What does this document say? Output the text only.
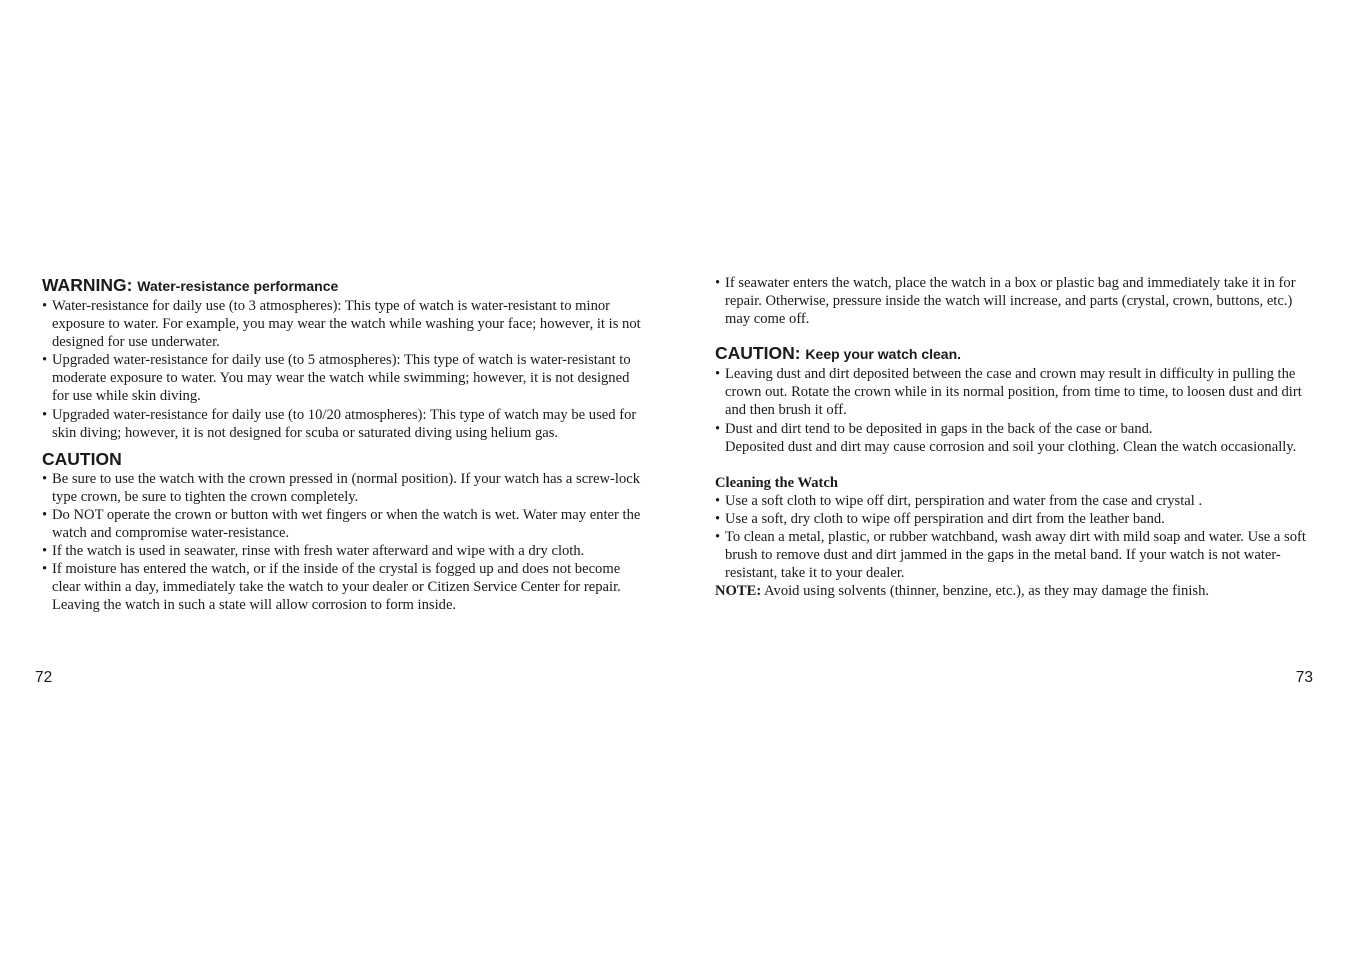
WARNING: Water-resistance performance

• Water-resistance for daily use (to 3 atmospheres): This type of watch is water-resistant to minor exposure to water. For example, you may wear the watch while washing your face; however, it is not designed for use underwater.
• Upgraded water-resistance for daily use (to 5 atmospheres): This type of watch is water-resistant to moderate exposure to water. You may wear the watch while swimming; however, it is not designed for use while skin diving.
• Upgraded water-resistance for daily use (to 10/20 atmospheres): This type of watch may be used for skin diving; however, it is not designed for scuba or saturated diving using helium gas.

CAUTION

• Be sure to use the watch with the crown pressed in (normal position). If your watch has a screw-lock type crown, be sure to tighten the crown completely.
• Do NOT operate the crown or button with wet fingers or when the watch is wet. Water may enter the watch and compromise water-resistance.
• If the watch is used in seawater, rinse with fresh water afterward and wipe with a dry cloth.
• If moisture has entered the watch, or if the inside of the crystal is fogged up and does not become clear within a day, immediately take the watch to your dealer or Citizen Service Center for repair. Leaving the watch in such a state will allow corrosion to form inside.
72
• If seawater enters the watch, place the watch in a box or plastic bag and immediately take it in for repair. Otherwise, pressure inside the watch will increase, and parts (crystal, crown, buttons, etc.) may come off.

CAUTION: Keep your watch clean.

• Leaving dust and dirt deposited between the case and crown may result in difficulty in pulling the crown out. Rotate the crown while in its normal position, from time to time, to loosen dust and dirt and then brush it off.
• Dust and dirt tend to be deposited in gaps in the back of the case or band.
Deposited dust and dirt may cause corrosion and soil your clothing. Clean the watch occasionally.
Cleaning the Watch
• Use a soft cloth to wipe off dirt, perspiration and water from the case and crystal .
• Use a soft, dry cloth to wipe off perspiration and dirt from the leather band.
• To clean a metal, plastic, or rubber watchband, wash away dirt with mild soap and water. Use a soft brush to remove dust and dirt jammed in the gaps in the metal band. If your watch is not water-resistant, take it to your dealer.
NOTE: Avoid using solvents (thinner, benzine, etc.), as they may damage the finish.
73
